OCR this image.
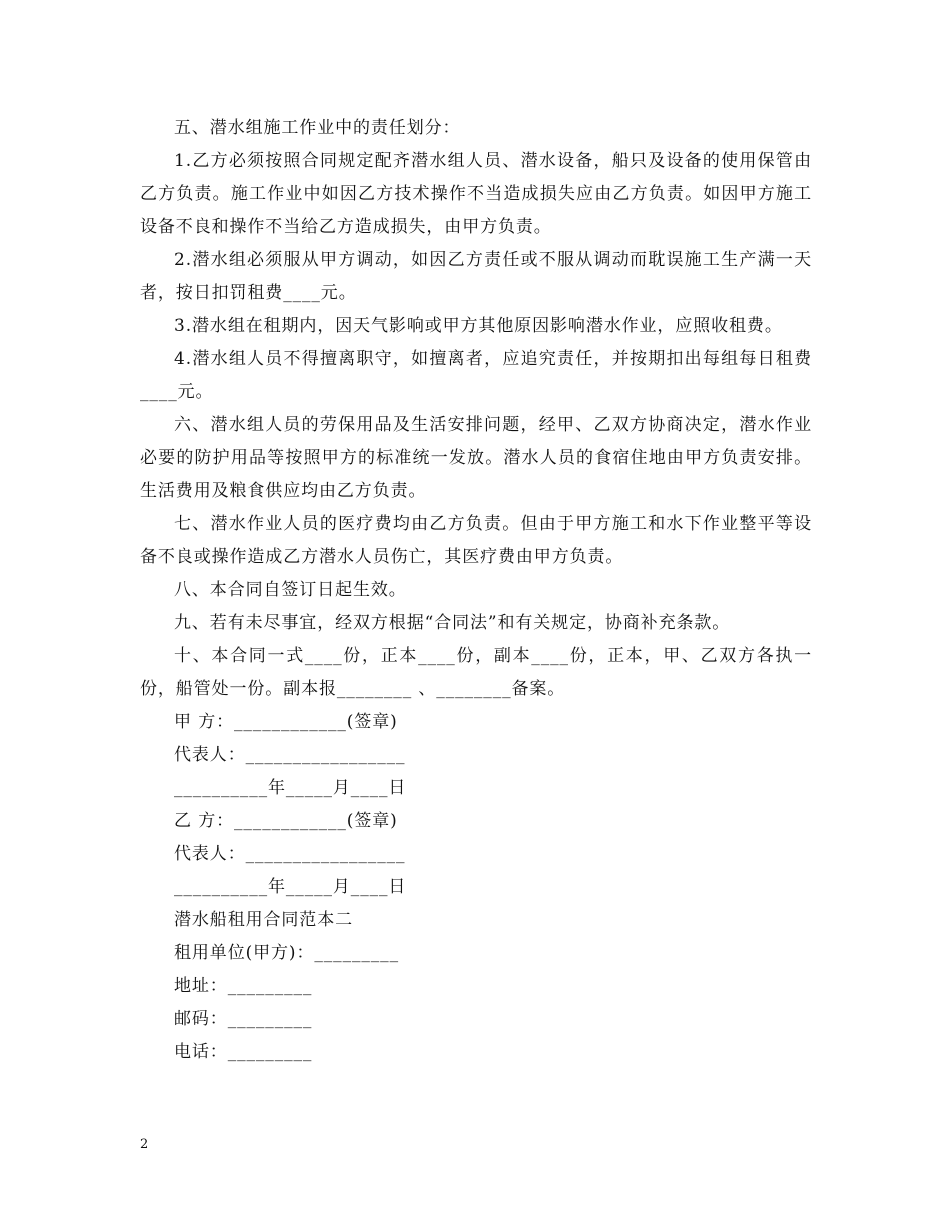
五、潜水组施工作业中的责任划分：

1.乙方必须按照合同规定配齐潜水组人员、潜水设备，船只及设备的使用保管由乙方负责。施工作业中如因乙方技术操作不当造成损失应由乙方负责。如因甲方施工设备不良和操作不当给乙方造成损失，由甲方负责。

2.潜水组必须服从甲方调动，如因乙方责任或不服从调动而耽误施工生产满一天者，按日扣罚租费____元。

3.潜水组在租期内，因天气影响或甲方其他原因影响潜水作业，应照收租费。

4.潜水组人员不得擅离职守，如擅离者，应追究责任，并按期扣出每组每日租费____元。

六、潜水组人员的劳保用品及生活安排问题，经甲、乙双方协商决定，潜水作业必要的防护用品等按照甲方的标准统一发放。潜水人员的食宿住地由甲方负责安排。生活费用及粮食供应均由乙方负责。

七、潜水作业人员的医疗费均由乙方负责。但由于甲方施工和水下作业整平等设备不良或操作造成乙方潜水人员伤亡，其医疗费由甲方负责。

八、本合同自签订日起生效。

九、若有未尽事宜，经双方根据“合同法”和有关规定，协商补充条款。

十、本合同一式____份，正本____份，副本____份，正本，甲、乙双方各执一份，船管处一份。副本报________ 、________备案。

甲 方：____________(签章)

代表人：_________________

__________年_____月____日

乙 方：____________(签章)

代表人：_________________

__________年_____月____日

潜水船租用合同范本二

租用单位(甲方)：_________

地址：_________

邮码：_________

电话：_________

2
